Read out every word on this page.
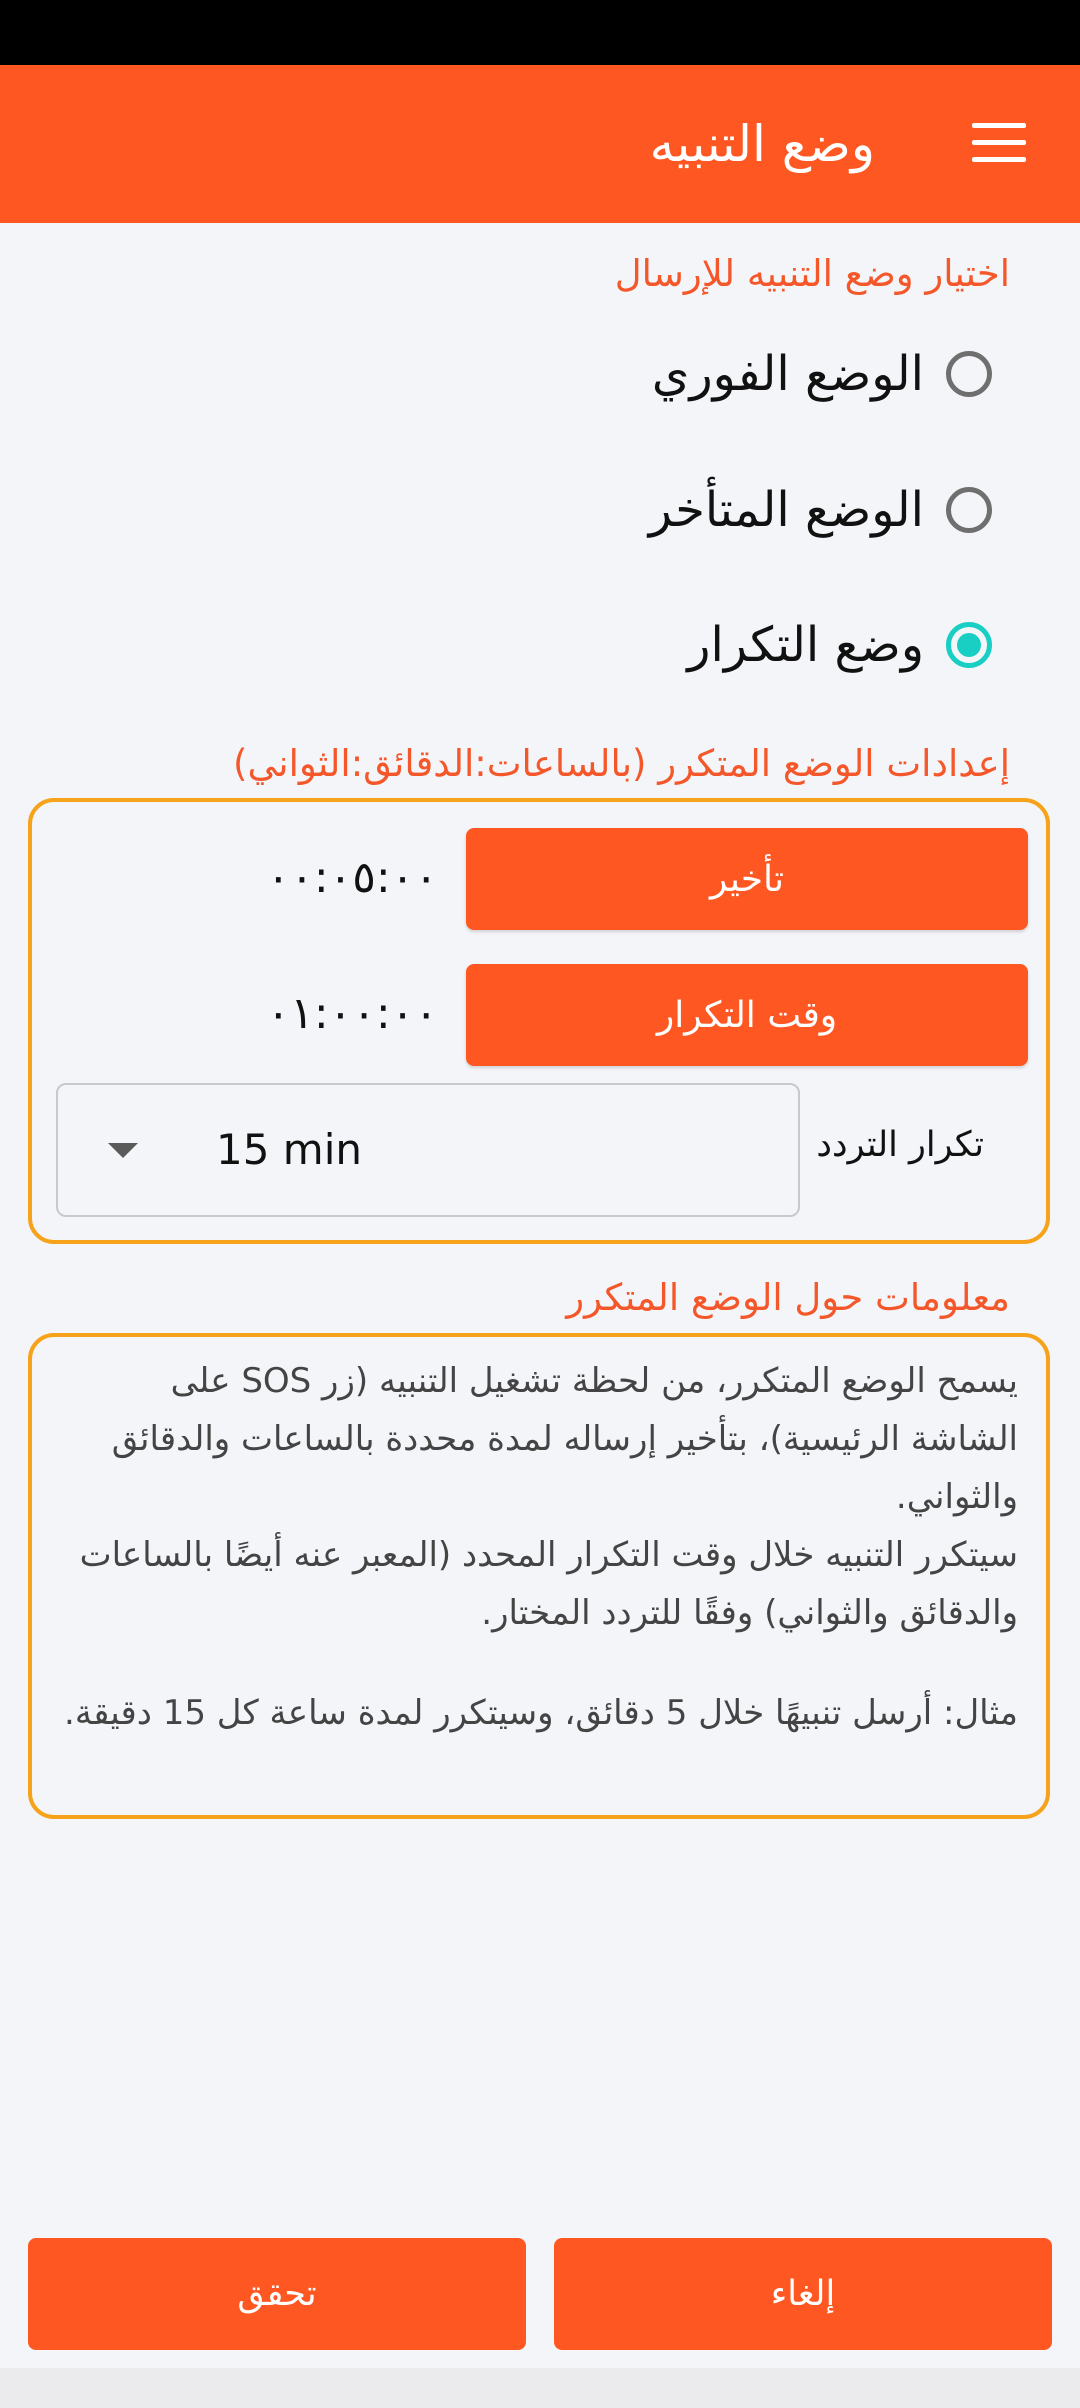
وضع التنبيه
اختيار وضع التنبيه للإرسال
الوضع الفوري
الوضع المتأخر
وضع التكرار
إعدادات الوضع المتكرر (بالساعات:الدقائق:الثواني)
تأخير
٠٠:٠٥:٠٠
وقت التكرار
٠١:٠٠:٠٠
تكرار التردد
15 min
معلومات حول الوضع المتكرر

يسمح الوضع المتكرر، من لحظة تشغيل التنبيه (زر SOS على الشاشة الرئيسية)، بتأخير إرساله لمدة محددة بالساعات والدقائق والثواني.

سيتكرر التنبيه خلال وقت التكرار المحدد (المعبر عنه أيضًا بالساعات والدقائق والثواني) وفقًا للتردد المختار.

مثال: أرسل تنبيهًا خلال 5 دقائق، وسيتكرر لمدة ساعة كل 15 دقيقة.

تحقق	إلغاء
